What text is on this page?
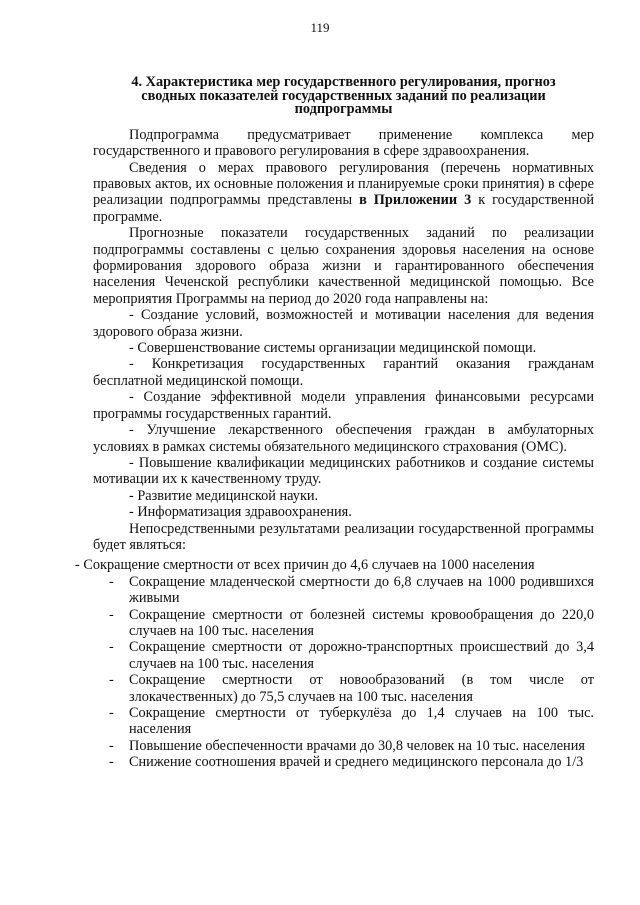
119
4. Характеристика мер государственного регулирования, прогноз
сводных показателей государственных заданий по реализации
подпрограммы

Подпрограмма предусматривает применение комплекса мер государственного и правового регулирования в сфере здравоохранения.

Сведения о мерах правового регулирования (перечень нормативных правовых актов, их основные положения и планируемые сроки принятия) в сфере реализации подпрограммы представлены в Приложении 3 к государственной программе.

Прогнозные показатели государственных заданий по реализации подпрограммы составлены с целью сохранения здоровья населения на основе формирования здорового образа жизни и гарантированного обеспечения населения Чеченской республики качественной медицинской помощью. Все мероприятия Программы на период до 2020 года направлены на:

- Создание условий, возможностей и мотивации населения для ведения здорового образа жизни.

- Совершенствование системы организации медицинской помощи.

- Конкретизация государственных гарантий оказания гражданам бесплатной медицинской помощи.

- Создание эффективной модели управления финансовыми ресурсами программы государственных гарантий.

- Улучшение лекарственного обеспечения граждан в амбулаторных условиях в рамках системы обязательного медицинского страхования (ОМС).

- Повышение квалификации медицинских работников и создание системы мотивации их к качественному труду.

- Развитие медицинской науки.

- Информатизация здравоохранения.

Непосредственными результатами реализации государственной программы будет являться:

- Сокращение смертности от всех причин до 4,6 случаев на 1000 населения

- Сокращение младенческой смертности до 6,8 случаев на 1000 родившихся живыми
- Сокращение смертности от болезней системы кровообращения до 220,0 случаев на 100 тыс. населения
- Сокращение смертности от дорожно-транспортных происшествий до 3,4 случаев на 100 тыс. населения
- Сокращение смертности от новообразований (в том числе от злокачественных) до 75,5 случаев на 100 тыс. населения
- Сокращение смертности от туберкулёза до 1,4 случаев на 100 тыс. населения
- Повышение обеспеченности врачами до 30,8 человек на 10 тыс. населения
- Снижение соотношения врачей и среднего медицинского персонала до 1/3
